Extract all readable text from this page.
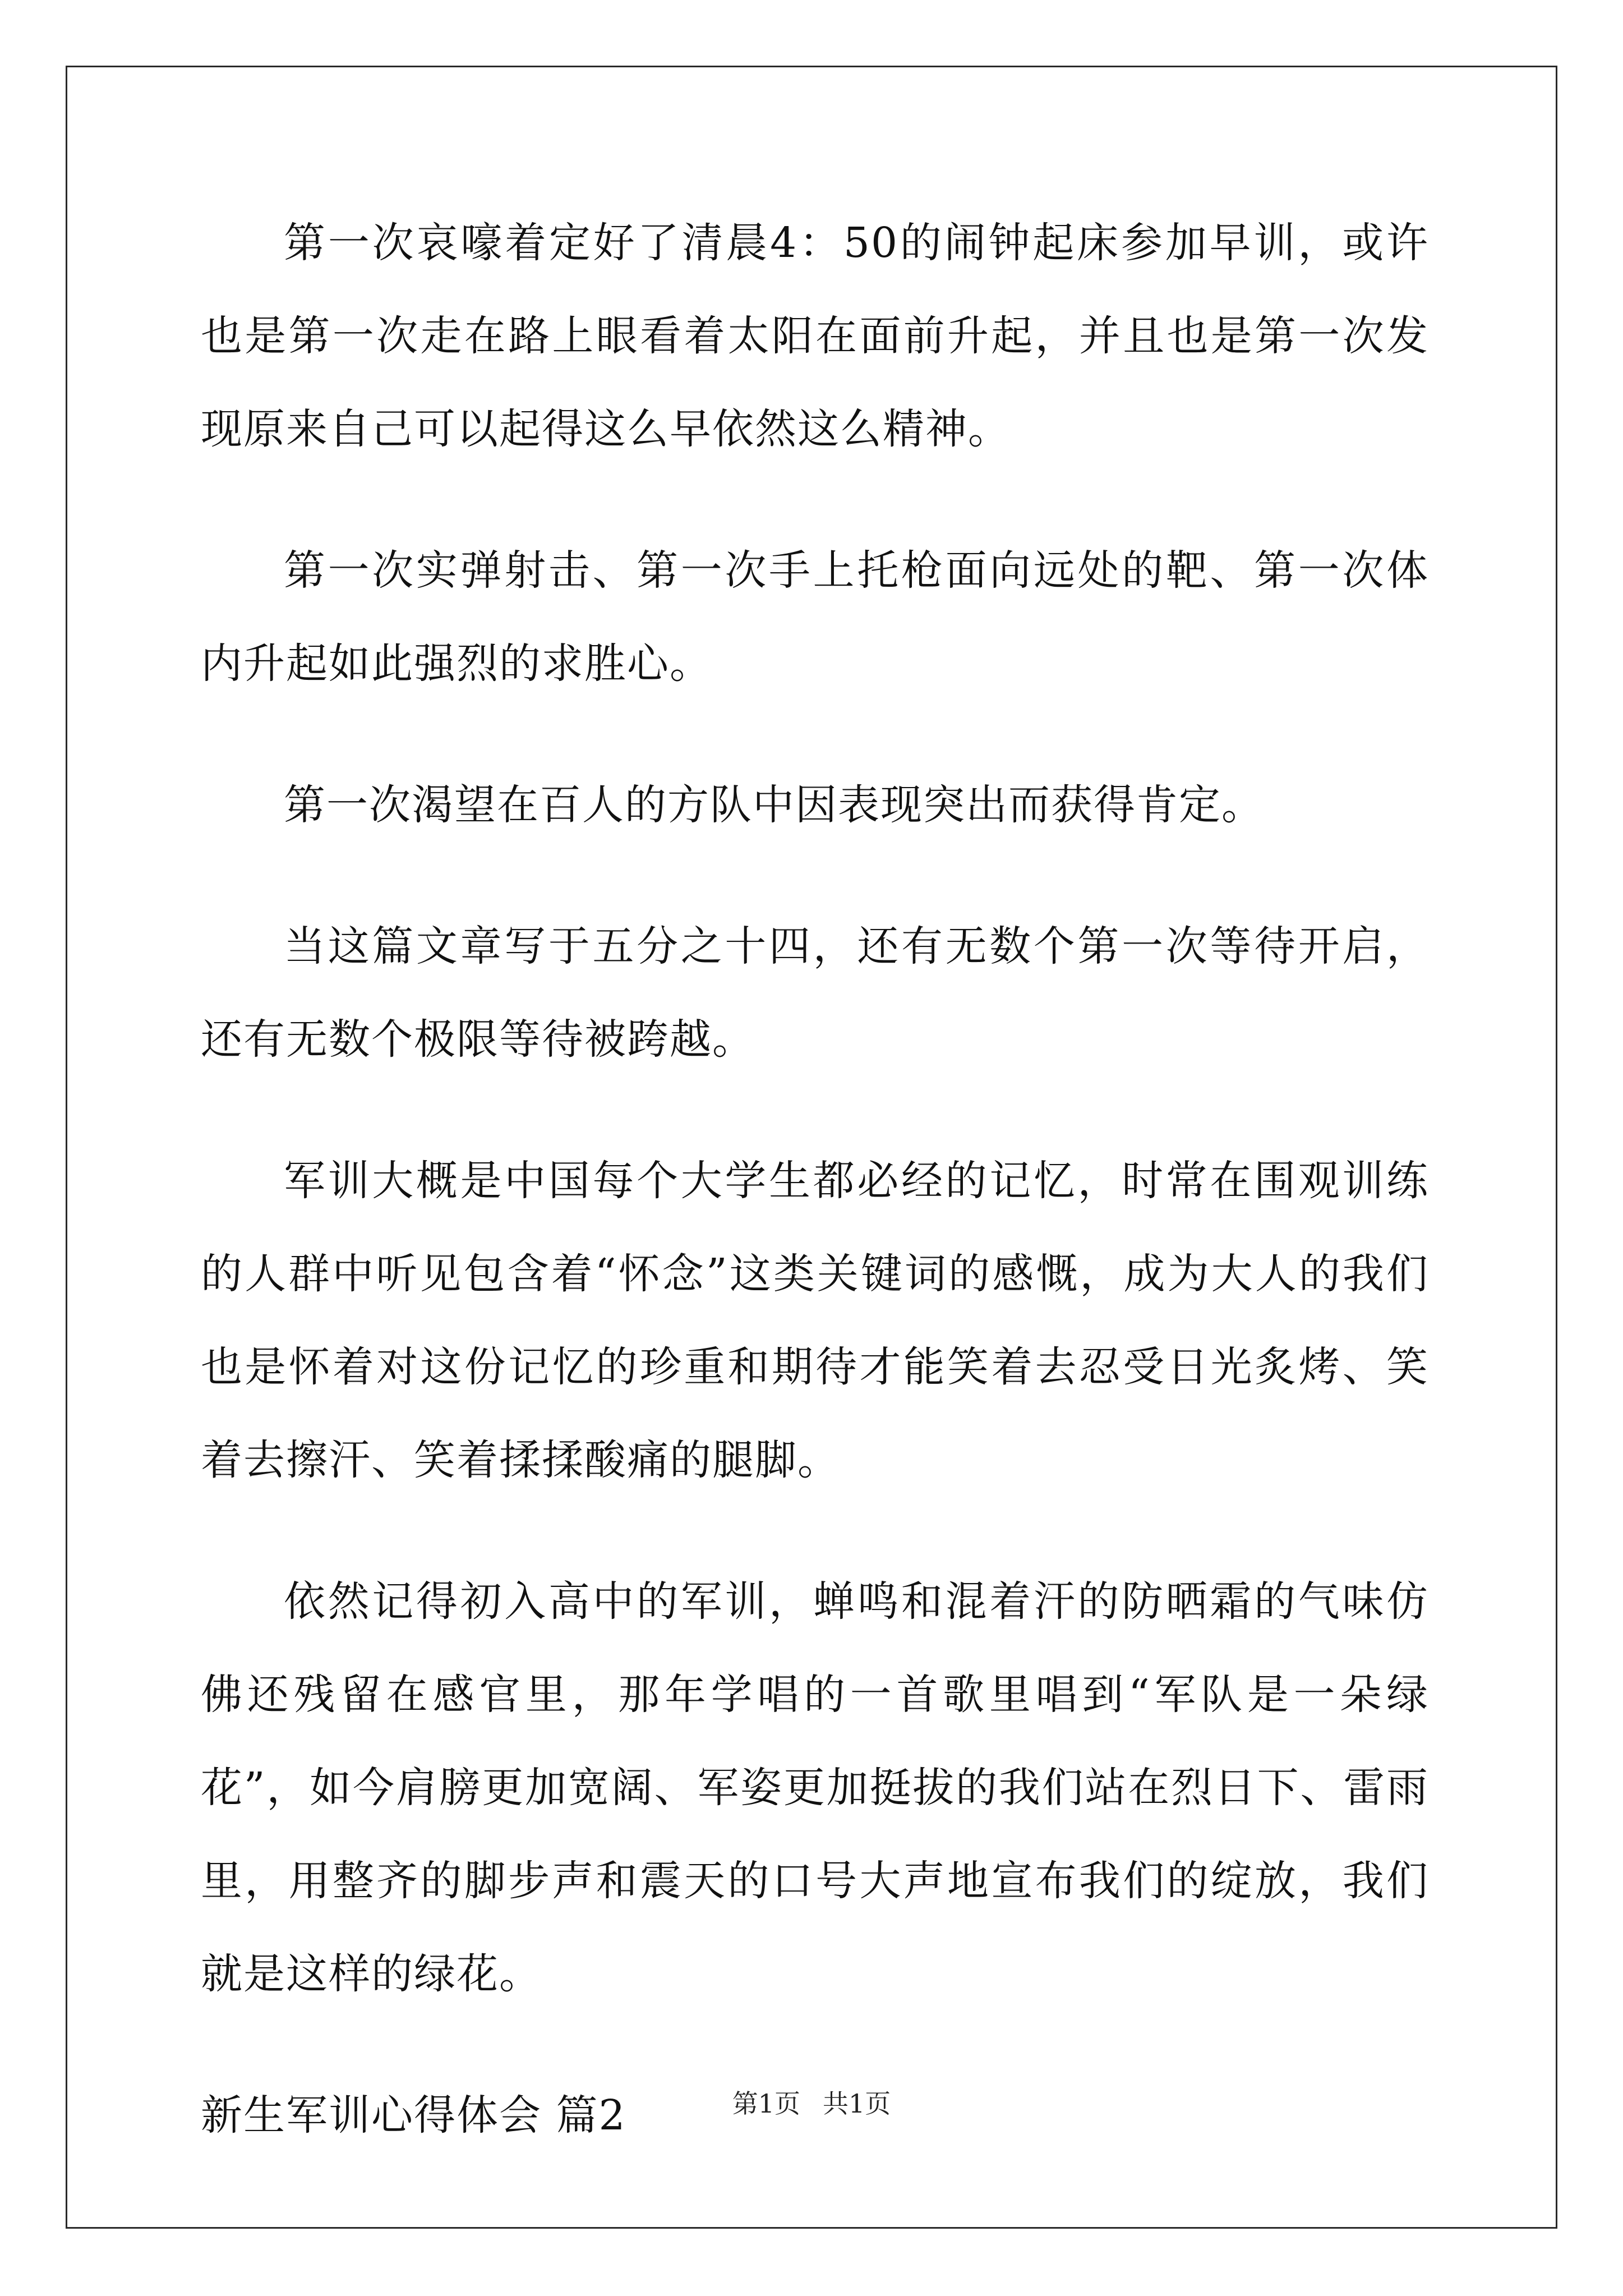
第一次哀嚎着定好了清晨4：50的闹钟起床参加早训，或许也是第一次走在路上眼看着太阳在面前升起，并且也是第一次发现原来自己可以起得这么早依然这么精神。

第一次实弹射击、第一次手上托枪面向远处的靶、第一次体内升起如此强烈的求胜心。

第一次渴望在百人的方队中因表现突出而获得肯定。

当这篇文章写于五分之十四，还有无数个第一次等待开启，还有无数个极限等待被跨越。

军训大概是中国每个大学生都必经的记忆，时常在围观训练的人群中听见包含着“怀念”这类关键词的感慨，成为大人的我们也是怀着对这份记忆的珍重和期待才能笑着去忍受日光炙烤、笑着去擦汗、笑着揉揉酸痛的腿脚。

依然记得初入高中的军训，蝉鸣和混着汗的防晒霜的气味仿佛还残留在感官里，那年学唱的一首歌里唱到“军队是一朵绿花”，如今肩膀更加宽阔、军姿更加挺拔的我们站在烈日下、雷雨里，用整齐的脚步声和震天的口号大声地宣布我们的绽放，我们就是这样的绿花。

新生军训心得体会 篇2	第1页 共1页
